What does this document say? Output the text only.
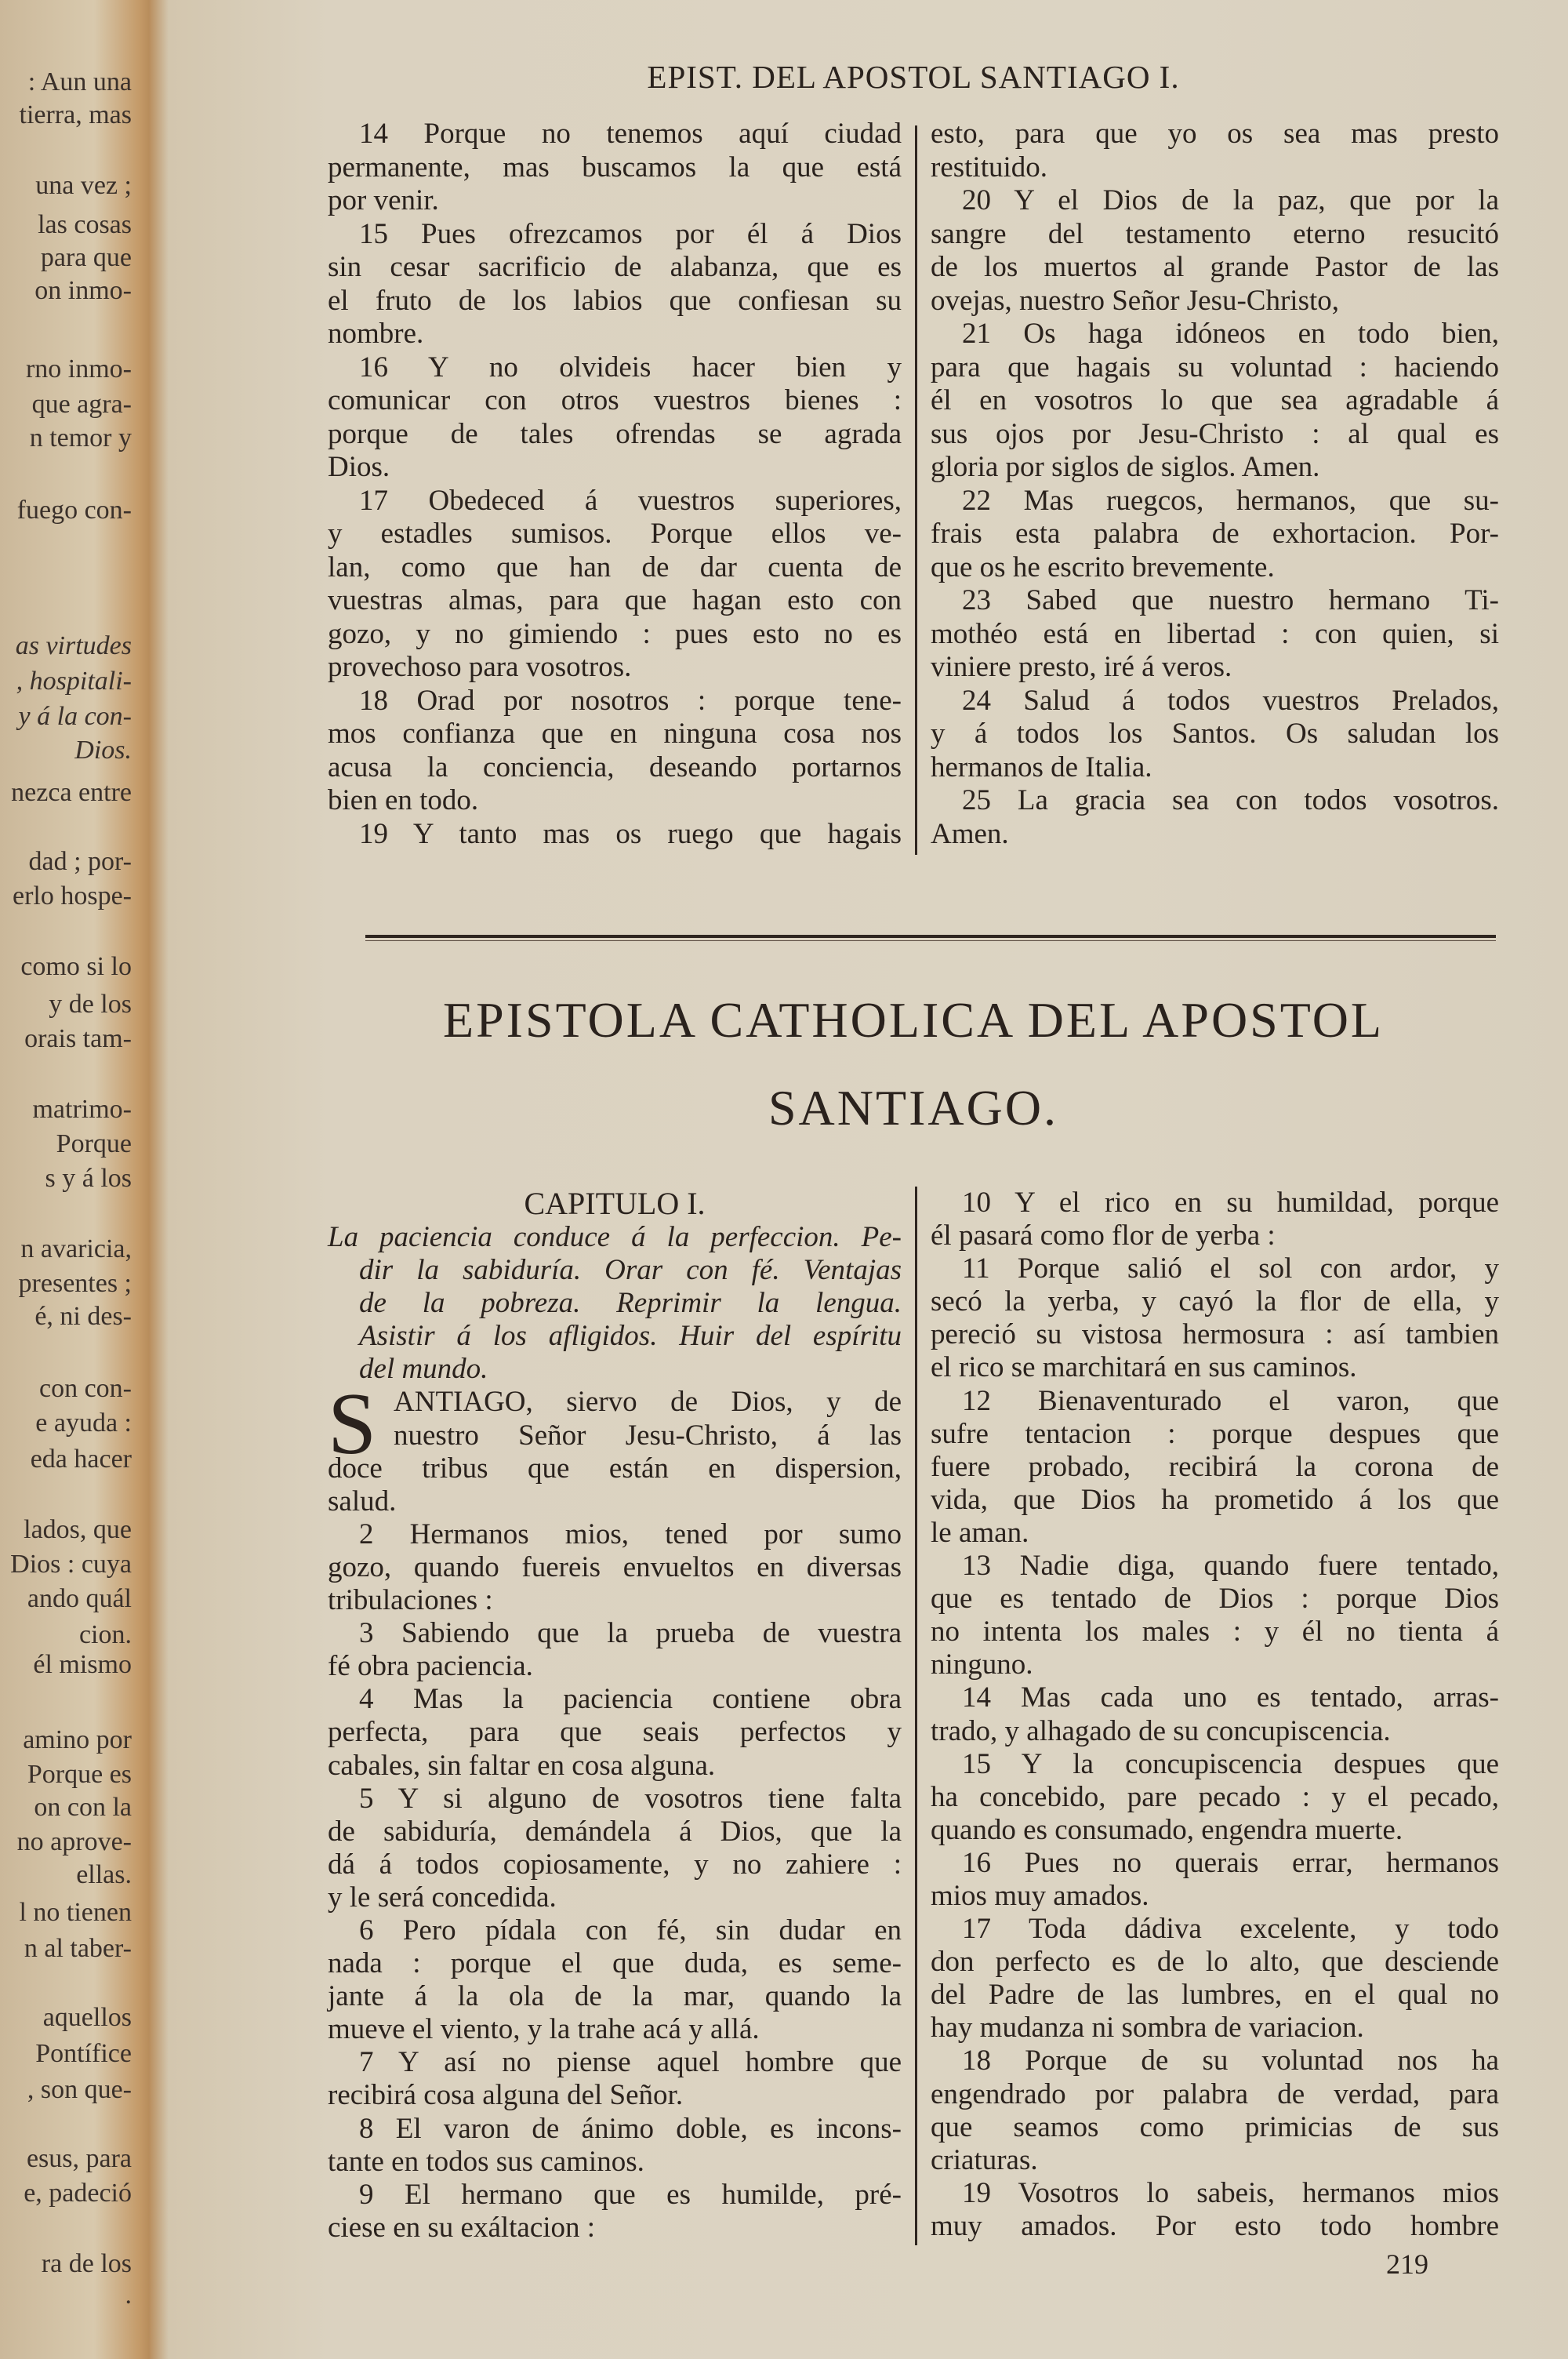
: Aun una
tierra, mas
una vez ;
las cosas
para que
on inmo-
rno inmo-
que agra-
n temor y
fuego con-
as virtudes
, hospitali-
y á la con-
Dios.
nezca entre
dad ; por-
erlo hospe-
como si lo
y de los
orais tam-
matrimo-
Porque
s y á los
n avaricia,
presentes ;
é, ni des-
con con-
e ayuda :
eda hacer
lados, que
Dios : cuya
ando quál
cion.
él mismo
amino por
Porque es
on con la
no aprove-
ellas.
l no tienen
n al taber-
aquellos
Pontífice
, son que-
esus, para
e, padeció
ra de los
.
EPIST. DEL APOSTOL SANTIAGO I.
14 Porque no tenemos aquí ciudad
permanente, mas buscamos la que está
por venir.
15 Pues ofrezcamos por él á Dios
sin cesar sacrificio de alabanza, que es
el fruto de los labios que confiesan su
nombre.
16 Y no olvideis hacer bien y
comunicar con otros vuestros bienes :
porque de tales ofrendas se agrada
Dios.
17 Obedeced á vuestros superiores,
y estadles sumisos. Porque ellos ve-
lan, como que han de dar cuenta de
vuestras almas, para que hagan esto con
gozo, y no gimiendo : pues esto no es
provechoso para vosotros.
18 Orad por nosotros : porque tene-
mos confianza que en ninguna cosa nos
acusa la conciencia, deseando portarnos
bien en todo.
19 Y tanto mas os ruego que hagais
esto, para que yo os sea mas presto
restituido.
20 Y el Dios de la paz, que por la
sangre del testamento eterno resucitó
de los muertos al grande Pastor de las
ovejas, nuestro Señor Jesu-Christo,
21 Os haga idóneos en todo bien,
para que hagais su voluntad : haciendo
él en vosotros lo que sea agradable á
sus ojos por Jesu-Christo : al qual es
gloria por siglos de siglos. Amen.
22 Mas ruegcos, hermanos, que su-
frais esta palabra de exhortacion. Por-
que os he escrito brevemente.
23 Sabed que nuestro hermano Ti-
mothéo está en libertad : con quien, si
viniere presto, iré á veros.
24 Salud á todos vuestros Prelados,
y á todos los Santos. Os saludan los
hermanos de Italia.
25 La gracia sea con todos vosotros.
Amen.
EPISTOLA CATHOLICA DEL APOSTOL
SANTIAGO.
CAPITULO I.
La paciencia conduce á la perfeccion. Pe-
dir la sabiduría. Orar con fé. Ventajas
de la pobreza. Reprimir la lengua.
Asistir á los afligidos. Huir del espíritu
del mundo.
S ANTIAGO, siervo de Dios, y de
nuestro Señor Jesu-Christo, á las
doce tribus que están en dispersion,
salud.
2 Hermanos mios, tened por sumo
gozo, quando fuereis envueltos en diversas
tribulaciones :
3 Sabiendo que la prueba de vuestra
fé obra paciencia.
4 Mas la paciencia contiene obra
perfecta, para que seais perfectos y
cabales, sin faltar en cosa alguna.
5 Y si alguno de vosotros tiene falta
de sabiduría, demándela á Dios, que la
dá á todos copiosamente, y no zahiere :
y le será concedida.
6 Pero pídala con fé, sin dudar en
nada : porque el que duda, es seme-
jante á la ola de la mar, quando la
mueve el viento, y la trahe acá y allá.
7 Y así no piense aquel hombre que
recibirá cosa alguna del Señor.
8 El varon de ánimo doble, es incons-
tante en todos sus caminos.
9 El hermano que es humilde, pré-
ciese en su exáltacion :
10 Y el rico en su humildad, porque
él pasará como flor de yerba :
11 Porque salió el sol con ardor, y
secó la yerba, y cayó la flor de ella, y
pereció su vistosa hermosura : así tambien
el rico se marchitará en sus caminos.
12 Bienaventurado el varon, que
sufre tentacion : porque despues que
fuere probado, recibirá la corona de
vida, que Dios ha prometido á los que
le aman.
13 Nadie diga, quando fuere tentado,
que es tentado de Dios : porque Dios
no intenta los males : y él no tienta á
ninguno.
14 Mas cada uno es tentado, arras-
trado, y alhagado de su concupiscencia.
15 Y la concupiscencia despues que
ha concebido, pare pecado : y el pecado,
quando es consumado, engendra muerte.
16 Pues no querais errar, hermanos
mios muy amados.
17 Toda dádiva excelente, y todo
don perfecto es de lo alto, que desciende
del Padre de las lumbres, en el qual no
hay mudanza ni sombra de variacion.
18 Porque de su voluntad nos ha
engendrado por palabra de verdad, para
que seamos como primicias de sus
criaturas.
19 Vosotros lo sabeis, hermanos mios
muy amados. Por esto todo hombre
219
